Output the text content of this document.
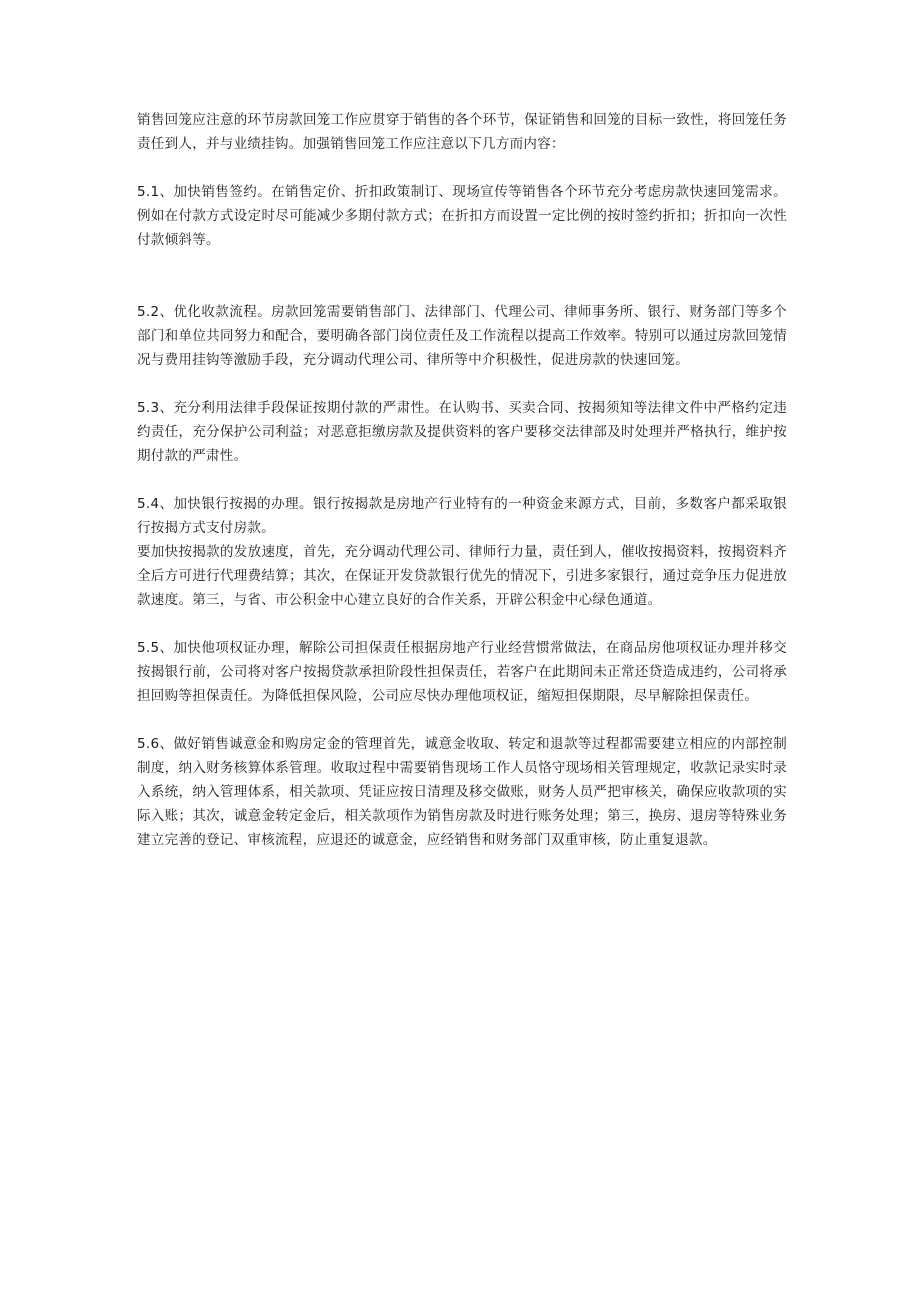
销售回笼应注意的环节房款回笼工作应贯穿于销售的各个环节，保证销售和回笼的目标一致性，将回笼任务责任到人，并与业绩挂钩。加强销售回笼工作应注意以下几方而内容：

5.1、加快销售签约。在销售定价、折扣政策制订、现场宣传等销售各个环节充分考虑房款快速回笼需求。例如在付款方式设定时尽可能减少多期付款方式；在折扣方而设置一定比例的按时签约折扣；折扣向一次性付款倾斜等。

5.2、优化收款流程。房款回笼需要销售部门、法律部门、代理公司、律师事务所、银行、财务部门等多个部门和单位共同努力和配合，要明确各部门岗位责任及工作流程以提高工作效率。特别可以通过房款回笼情况与费用挂钩等激励手段，充分调动代理公司、律所等中介积极性，促进房款的快速回笼。

5.3、充分利用法律手段保证按期付款的严肃性。在认购书、买卖合同、按揭须知等法律文件中严格约定违约责任，充分保护公司利益；对恶意拒缴房款及提供资料的客户要移交法律部及时处理并严格执行，维护按期付款的严肃性。

5.4、加快银行按揭的办理。银行按揭款是房地产行业特有的一种资金来源方式，目前，多数客户都采取银行按揭方式支付房款。

要加快按揭款的发放速度，首先，充分调动代理公司、律师行力量，责任到人，催收按揭资料，按揭资料齐全后方可进行代理费结算；其次，在保证开发贷款银行优先的情况下，引进多家银行，通过竞争压力促进放款速度。第三，与省、市公积金中心建立良好的合作关系，开辟公积金中心绿色通道。

5.5、加快他项权证办理，解除公司担保责任根据房地产行业经营惯常做法，在商品房他项权证办理并移交按揭银行前，公司将对客户按揭贷款承担阶段性担保责任，若客户在此期间未正常还贷造成违约，公司将承担回购等担保责任。为降低担保风险，公司应尽快办理他项权证，缩短担保期限，尽早解除担保责任。

5.6、做好销售诚意金和购房定金的管理首先，诚意金收取、转定和退款等过程都需要建立相应的内部控制制度，纳入财务核算体系管理。收取过程中需要销售现场工作人员恪守现场相关管理规定，收款记录实时录入系统，纳入管理体系，相关款项、凭证应按日清理及移交做账，财务人员严把审核关，确保应收款项的实际入账；其次，诚意金转定金后，相关款项作为销售房款及时进行账务处理；第三，换房、退房等特殊业务建立完善的登记、审核流程，应退还的诚意金，应经销售和财务部门双重审核，防止重复退款。
